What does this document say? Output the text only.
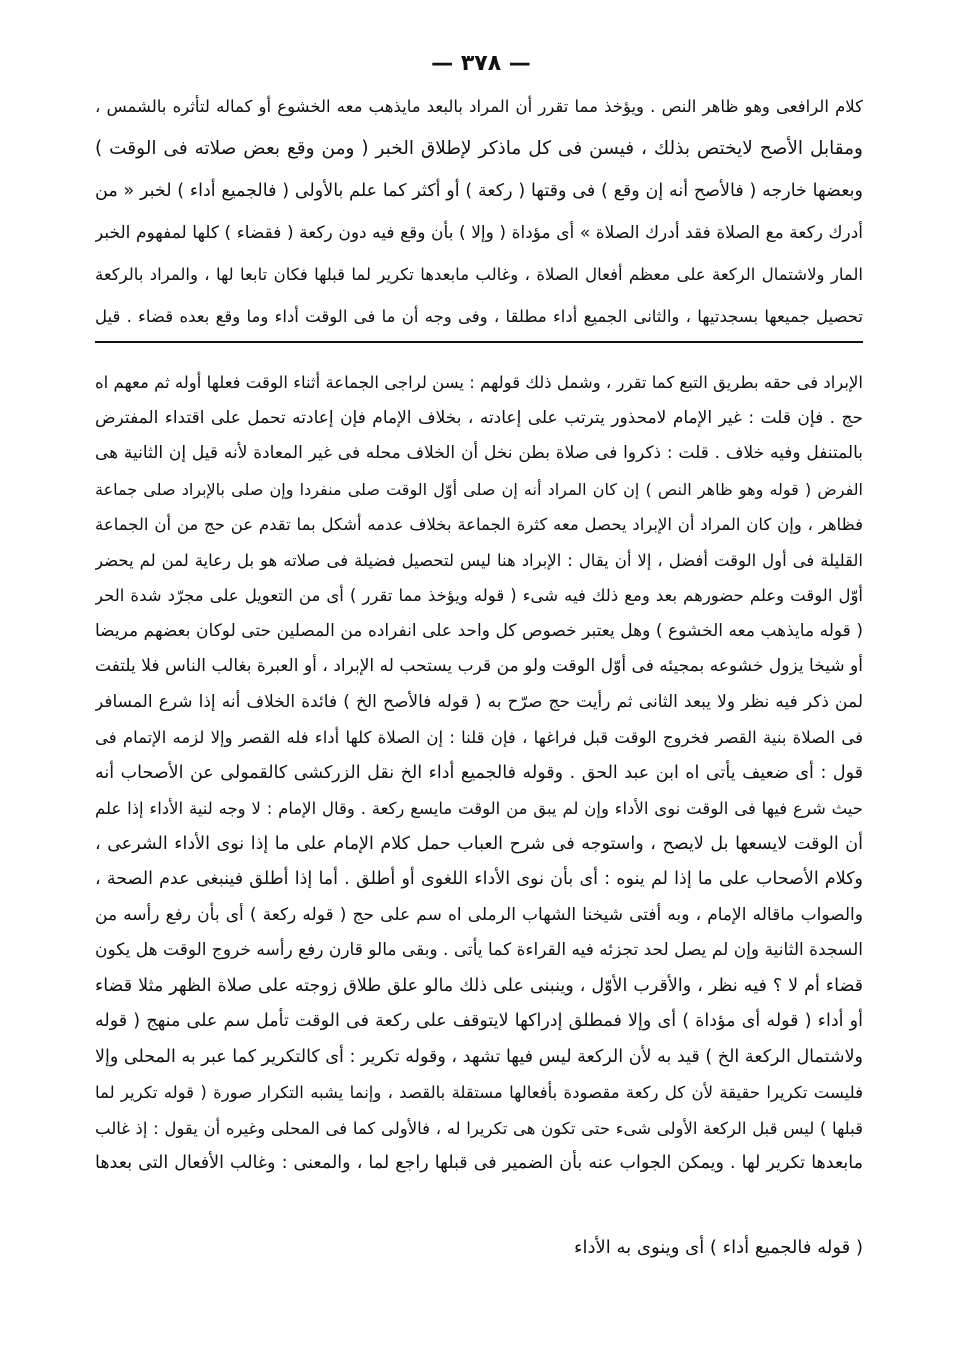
— ٣٧٨ —
كلام الرافعى وهو ظاهر النص . ويؤخذ مما تقرر أن المراد بالبعد مايذهب معه الخشوع أو كماله لتأثره بالشمس ،
ومقابل الأصح لايختص بذلك ، فيسن فى كل ماذكر لإطلاق الخبر ( ومن وقع بعض صلاته فى الوقت )
وبعضها خارجه ( فالأصح أنه إن وقع ) فى وقتها ( ركعة ) أو أكثر كما علم بالأولى ( فالجميع أداء ) لخبر « من
أدرك ركعة مع الصلاة فقد أدرك الصلاة » أى مؤداة ( وإلا ) بأن وقع فيه دون ركعة ( فقضاء ) كلها لمفهوم الخبر
المار ولاشتمال الركعة على معظم أفعال الصلاة ، وغالب مابعدها تكرير لما قبلها فكان تابعا لها ، والمراد بالركعة
تحصيل جميعها بسجدتيها ، والثانى الجميع أداء مطلقا ، وفى وجه أن ما فى الوقت أداء وما وقع بعده قضاء . قيل
الإبراد فى حقه بطريق التبع كما تقرر ، وشمل ذلك قولهم : يسن لراجى الجماعة أثناء الوقت فعلها أوله ثم معهم اه
حج . فإن قلت : غير الإمام لامحذور يترتب على إعادته ، بخلاف الإمام فإن إعادته تحمل على اقتداء المفترض
بالمتنفل وفيه خلاف . قلت : ذكروا فى صلاة بطن نخل أن الخلاف محله فى غير المعادة لأنه قيل إن الثانية هى
الفرض ( قوله وهو ظاهر النص ) إن كان المراد أنه إن صلى أوّل الوقت صلى منفردا وإن صلى بالإبراد صلى جماعة
فظاهر ، وإن كان المراد أن الإبراد يحصل معه كثرة الجماعة بخلاف عدمه أشكل بما تقدم عن حج من أن الجماعة
القليلة فى أول الوقت أفضل ، إلا أن يقال : الإبراد هنا ليس لتحصيل فضيلة فى صلاته هو بل رعاية لمن لم يحضر
أوّل الوقت وعلم حضورهم بعد ومع ذلك فيه شىء ( قوله ويؤخذ مما تقرر ) أى من التعويل على مجرّد شدة الحر
( قوله مايذهب معه الخشوع ) وهل يعتبر خصوص كل واحد على انفراده من المصلين حتى لوكان بعضهم مريضا
أو شيخا يزول خشوعه بمجيئه فى أوّل الوقت ولو من قرب يستحب له الإبراد ، أو العبرة بغالب الناس فلا يلتفت
لمن ذكر فيه نظر ولا يبعد الثانى ثم رأيت حج صرّح به ( قوله فالأصح الخ ) فائدة الخلاف أنه إذا شرع المسافر
فى الصلاة بنية القصر فخروج الوقت قبل فراغها ، فإن قلنا : إن الصلاة كلها أداء فله القصر وإلا لزمه الإتمام فى
قول : أى ضعيف يأتى اه ابن عبد الحق . وقوله فالجميع أداء الخ نقل الزركشى كالقمولى عن الأصحاب أنه
حيث شرع فيها فى الوقت نوى الأداء وإن لم يبق من الوقت مايسع ركعة . وقال الإمام : لا وجه لنية الأداء إذا علم
أن الوقت لايسعها بل لايصح ، واستوجه فى شرح العباب حمل كلام الإمام على ما إذا نوى الأداء الشرعى ،
وكلام الأصحاب على ما إذا لم ينوه : أى بأن نوى الأداء اللغوى أو أطلق . أما إذا أطلق فينبغى عدم الصحة ،
والصواب ماقاله الإمام ، وبه أفتى شيخنا الشهاب الرملى اه سم على حج ( قوله ركعة ) أى بأن رفع رأسه من
السجدة الثانية وإن لم يصل لحد تجزئه فيه القراءة كما يأتى . وبقى مالو قارن رفع رأسه خروج الوقت هل يكون
قضاء أم لا ؟ فيه نظر ، والأقرب الأوّل ، وينبنى على ذلك مالو علق طلاق زوجته على صلاة الظهر مثلا قضاء
أو أداء ( قوله أى مؤداة ) أى وإلا فمطلق إدراكها لايتوقف على ركعة فى الوقت تأمل سم على منهج ( قوله
ولاشتمال الركعة الخ ) قيد به لأن الركعة ليس فيها تشهد ، وقوله تكرير : أى كالتكرير كما عبر به المحلى وإلا
فليست تكريرا حقيقة لأن كل ركعة مقصودة بأفعالها مستقلة بالقصد ، وإنما يشبه التكرار صورة ( قوله تكرير لما
قبلها ) ليس قبل الركعة الأولى شىء حتى تكون هى تكريرا له ، فالأولى كما فى المحلى وغيره أن يقول : إذ غالب
مابعدها تكرير لها . ويمكن الجواب عنه بأن الضمير فى قبلها راجع لما ، والمعنى : وغالب الأفعال التى بعدها
( قوله فالجميع أداء ) أى وينوى به الأداء
